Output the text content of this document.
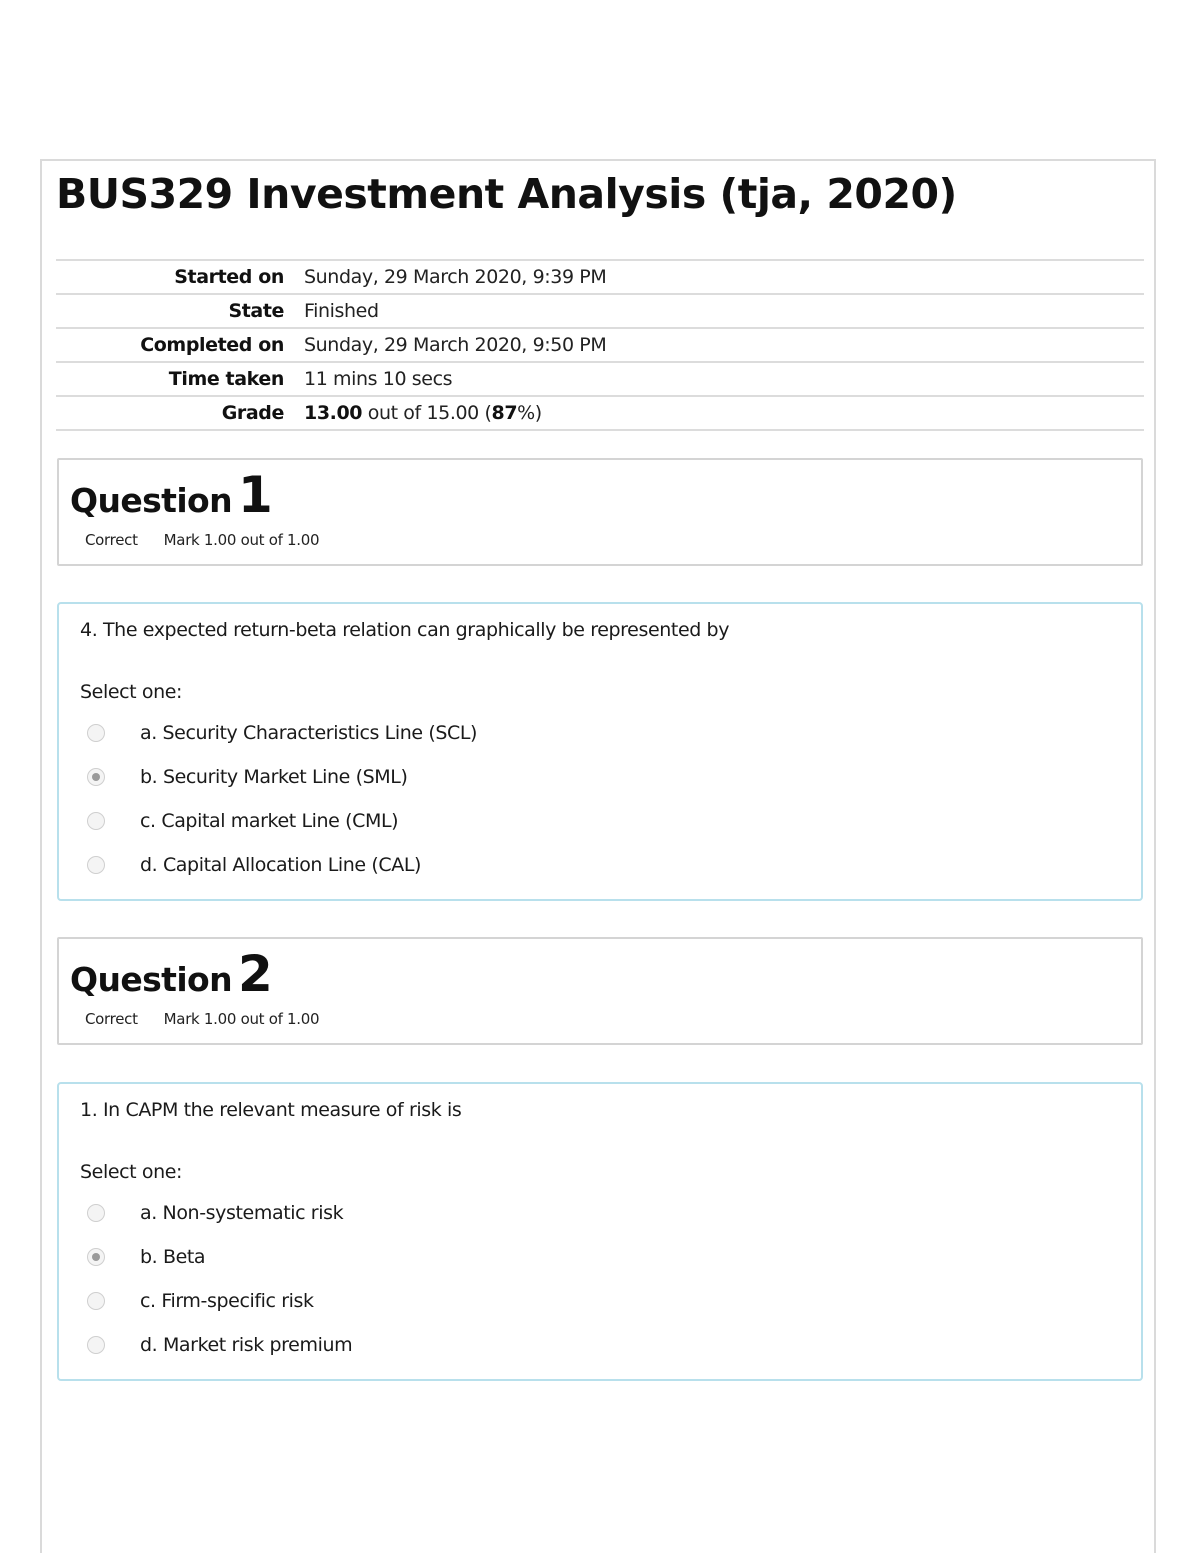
BUS329 Investment Analysis (tja, 2020)
Started on	Sunday, 29 March 2020, 9:39 PM
State	Finished
Completed on	Sunday, 29 March 2020, 9:50 PM
Time taken	11 mins 10 secs
Grade	13.00 out of 15.00 (87%)
Question 1
Correct Mark 1.00 out of 1.00
4. The expected return-beta relation can graphically be represented by
Select one:
a. Security Characteristics Line (SCL)
b. Security Market Line (SML)
c. Capital market Line (CML)
d. Capital Allocation Line (CAL)
Question 2
Correct Mark 1.00 out of 1.00
1. In CAPM the relevant measure of risk is
Select one:
a. Non-systematic risk
b. Beta
c. Firm-specific risk
d. Market risk premium
